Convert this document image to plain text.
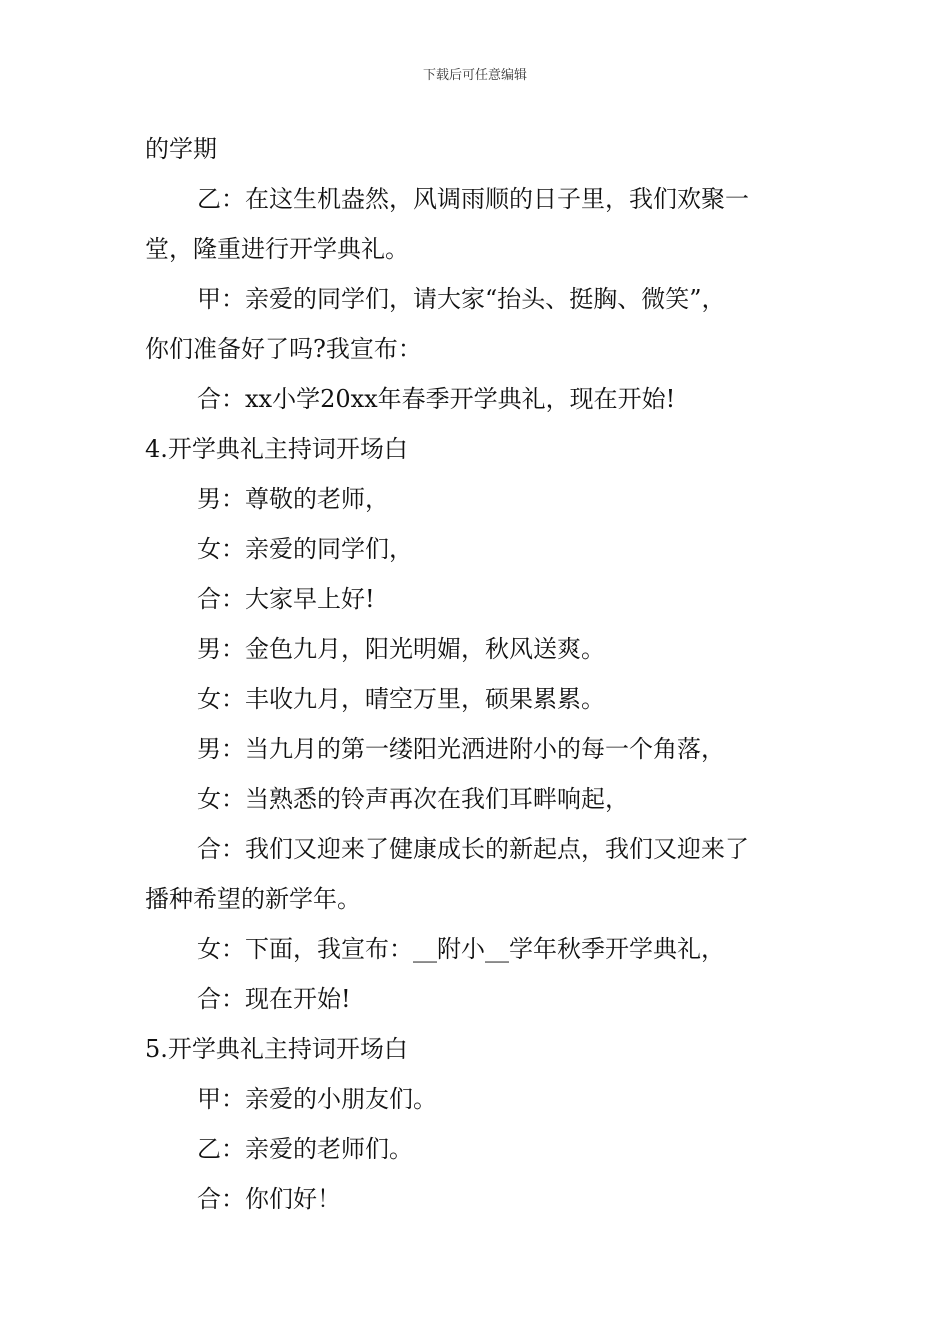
下载后可任意编辑
的学期
乙：在这生机盎然，风调雨顺的日子里，我们欢聚一
堂，隆重进行开学典礼。
甲：亲爱的同学们，请大家“抬头、挺胸、微笑”，
你们准备好了吗?我宣布：
合：xx小学20xx年春季开学典礼，现在开始!
4.开学典礼主持词开场白
男：尊敬的老师，
女：亲爱的同学们，
合：大家早上好!
男：金色九月，阳光明媚，秋风送爽。
女：丰收九月，晴空万里，硕果累累。
男：当九月的第一缕阳光洒进附小的每一个角落，
女：当熟悉的铃声再次在我们耳畔响起，
合：我们又迎来了健康成长的新起点，我们又迎来了
播种希望的新学年。
女：下面，我宣布：__附小__学年秋季开学典礼，
合：现在开始!
5.开学典礼主持词开场白
甲：亲爱的小朋友们。
乙：亲爱的老师们。
合：你们好！
